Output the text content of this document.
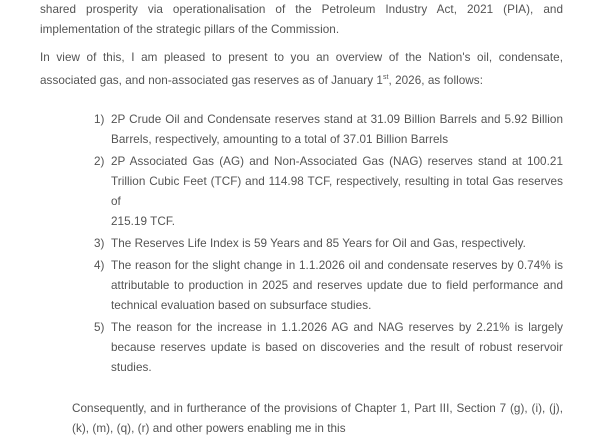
shared prosperity via operationalisation of the Petroleum Industry Act, 2021 (PIA), and
implementation of the strategic pillars of the Commission.
In view of this, I am pleased to present to you an overview of the Nation's oil, condensate,
associated gas, and non-associated gas reserves as of January 1st, 2026, as follows:
1) 2P Crude Oil and Condensate reserves stand at 31.09 Billion Barrels and 5.92 Billion
Barrels, respectively, amounting to a total of 37.01 Billion Barrels
2) 2P Associated Gas (AG) and Non-Associated Gas (NAG) reserves stand at 100.21
Trillion Cubic Feet (TCF) and 114.98 TCF, respectively, resulting in total Gas reserves of
215.19 TCF.
3) The Reserves Life Index is 59 Years and 85 Years for Oil and Gas, respectively.
4) The reason for the slight change in 1.1.2026 oil and condensate reserves by 0.74% is
attributable to production in 2025 and reserves update due to field performance and
technical evaluation based on subsurface studies.
5) The reason for the increase in 1.1.2026 AG and NAG reserves by 2.21% is largely
because reserves update is based on discoveries and the result of robust reservoir
studies.
Consequently, and in furtherance of the provisions of Chapter 1, Part III, Section 7 (g), (i), (j),
(k), (m), (q), (r) and other powers enabling me in this
